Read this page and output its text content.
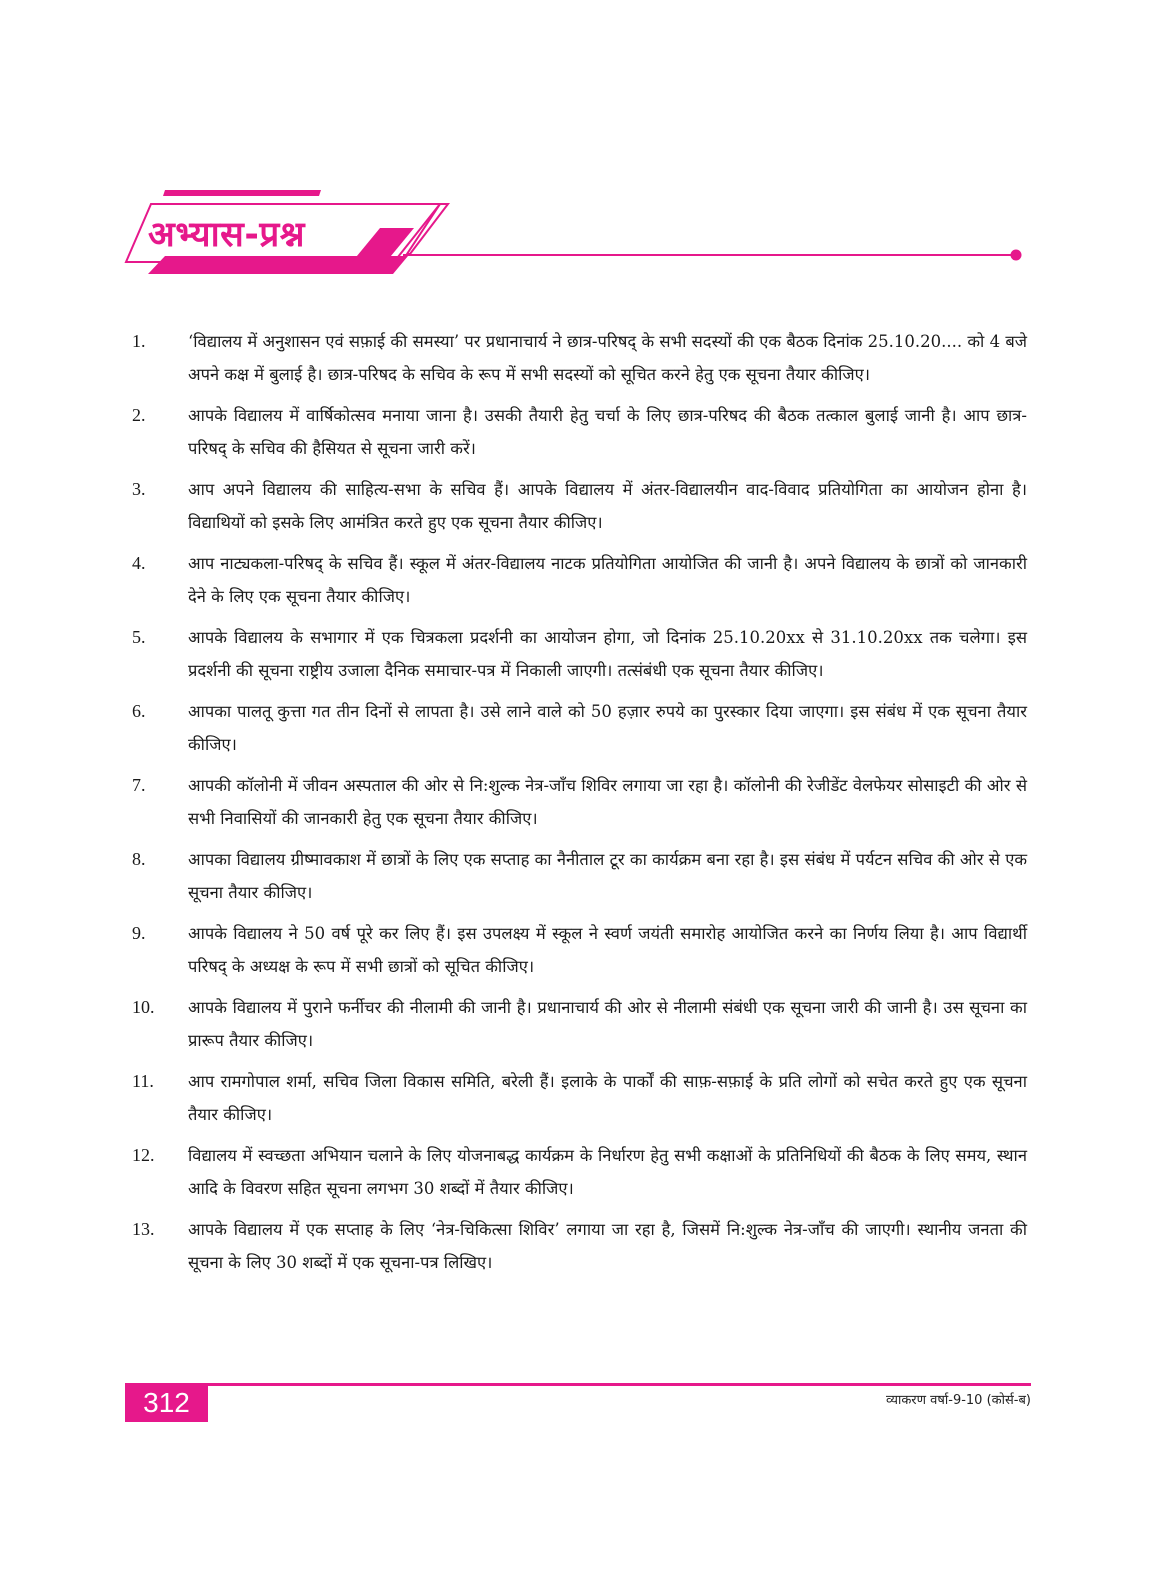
अभ्यास-प्रश्न
1.	‘विद्यालय में अनुशासन एवं सफ़ाई की समस्या’ पर प्रधानाचार्य ने छात्र-परिषद् के सभी सदस्यों की एक बैठक दिनांक 25.10.20.... को 4 बजे अपने कक्ष में बुलाई है। छात्र-परिषद के सचिव के रूप में सभी सदस्यों को सूचित करने हेतु एक सूचना तैयार कीजिए।
2.	आपके विद्यालय में वार्षिकोत्सव मनाया जाना है। उसकी तैयारी हेतु चर्चा के लिए छात्र-परिषद की बैठक तत्काल बुलाई जानी है। आप छात्र-परिषद् के सचिव की हैसियत से सूचना जारी करें।
3.	आप अपने विद्यालय की साहित्य-सभा के सचिव हैं। आपके विद्यालय में अंतर-विद्यालयीन वाद-विवाद प्रतियोगिता का आयोजन होना है। विद्याथियों को इसके लिए आमंत्रित करते हुए एक सूचना तैयार कीजिए।
4.	आप नाट्यकला-परिषद् के सचिव हैं। स्कूल में अंतर-विद्यालय नाटक प्रतियोगिता आयोजित की जानी है। अपने विद्यालय के छात्रों को जानकारी देने के लिए एक सूचना तैयार कीजिए।
5.	आपके विद्यालय के सभागार में एक चित्रकला प्रदर्शनी का आयोजन होगा, जो दिनांक 25.10.20xx से 31.10.20xx तक चलेगा। इस प्रदर्शनी की सूचना राष्ट्रीय उजाला दैनिक समाचार-पत्र में निकाली जाएगी। तत्संबंधी एक सूचना तैयार कीजिए।
6.	आपका पालतू कुत्ता गत तीन दिनों से लापता है। उसे लाने वाले को 50 हज़ार रुपये का पुरस्कार दिया जाएगा। इस संबंध में एक सूचना तैयार कीजिए।
7.	आपकी कॉलोनी में जीवन अस्पताल की ओर से नि:शुल्क नेत्र-जाँच शिविर लगाया जा रहा है। कॉलोनी की रेजीडेंट वेलफेयर सोसाइटी की ओर से सभी निवासियों की जानकारी हेतु एक सूचना तैयार कीजिए।
8.	आपका विद्यालय ग्रीष्मावकाश में छात्रों के लिए एक सप्ताह का नैनीताल टूर का कार्यक्रम बना रहा है। इस संबंध में पर्यटन सचिव की ओर से एक सूचना तैयार कीजिए।
9.	आपके विद्यालय ने 50 वर्ष पूरे कर लिए हैं। इस उपलक्ष्य में स्कूल ने स्वर्ण जयंती समारोह आयोजित करने का निर्णय लिया है। आप विद्यार्थी परिषद् के अध्यक्ष के रूप में सभी छात्रों को सूचित कीजिए।
10.	आपके विद्यालय में पुराने फर्नीचर की नीलामी की जानी है। प्रधानाचार्य की ओर से नीलामी संबंधी एक सूचना जारी की जानी है। उस सूचना का प्रारूप तैयार कीजिए।
11.	आप रामगोपाल शर्मा, सचिव जिला विकास समिति, बरेली हैं। इलाके के पार्कों की साफ़-सफ़ाई के प्रति लोगों को सचेत करते हुए एक सूचना तैयार कीजिए।
12.	विद्यालय में स्वच्छता अभियान चलाने के लिए योजनाबद्ध कार्यक्रम के निर्धारण हेतु सभी कक्षाओं के प्रतिनिधियों की बैठक के लिए समय, स्थान आदि के विवरण सहित सूचना लगभग 30 शब्दों में तैयार कीजिए।
13.	आपके विद्यालय में एक सप्ताह के लिए ‘नेत्र-चिकित्सा शिविर’ लगाया जा रहा है, जिसमें नि:शुल्क नेत्र-जाँच की जाएगी। स्थानीय जनता की सूचना के लिए 30 शब्दों में एक सूचना-पत्र लिखिए।
312	व्याकरण वर्षा-9-10 (कोर्स-ब)
